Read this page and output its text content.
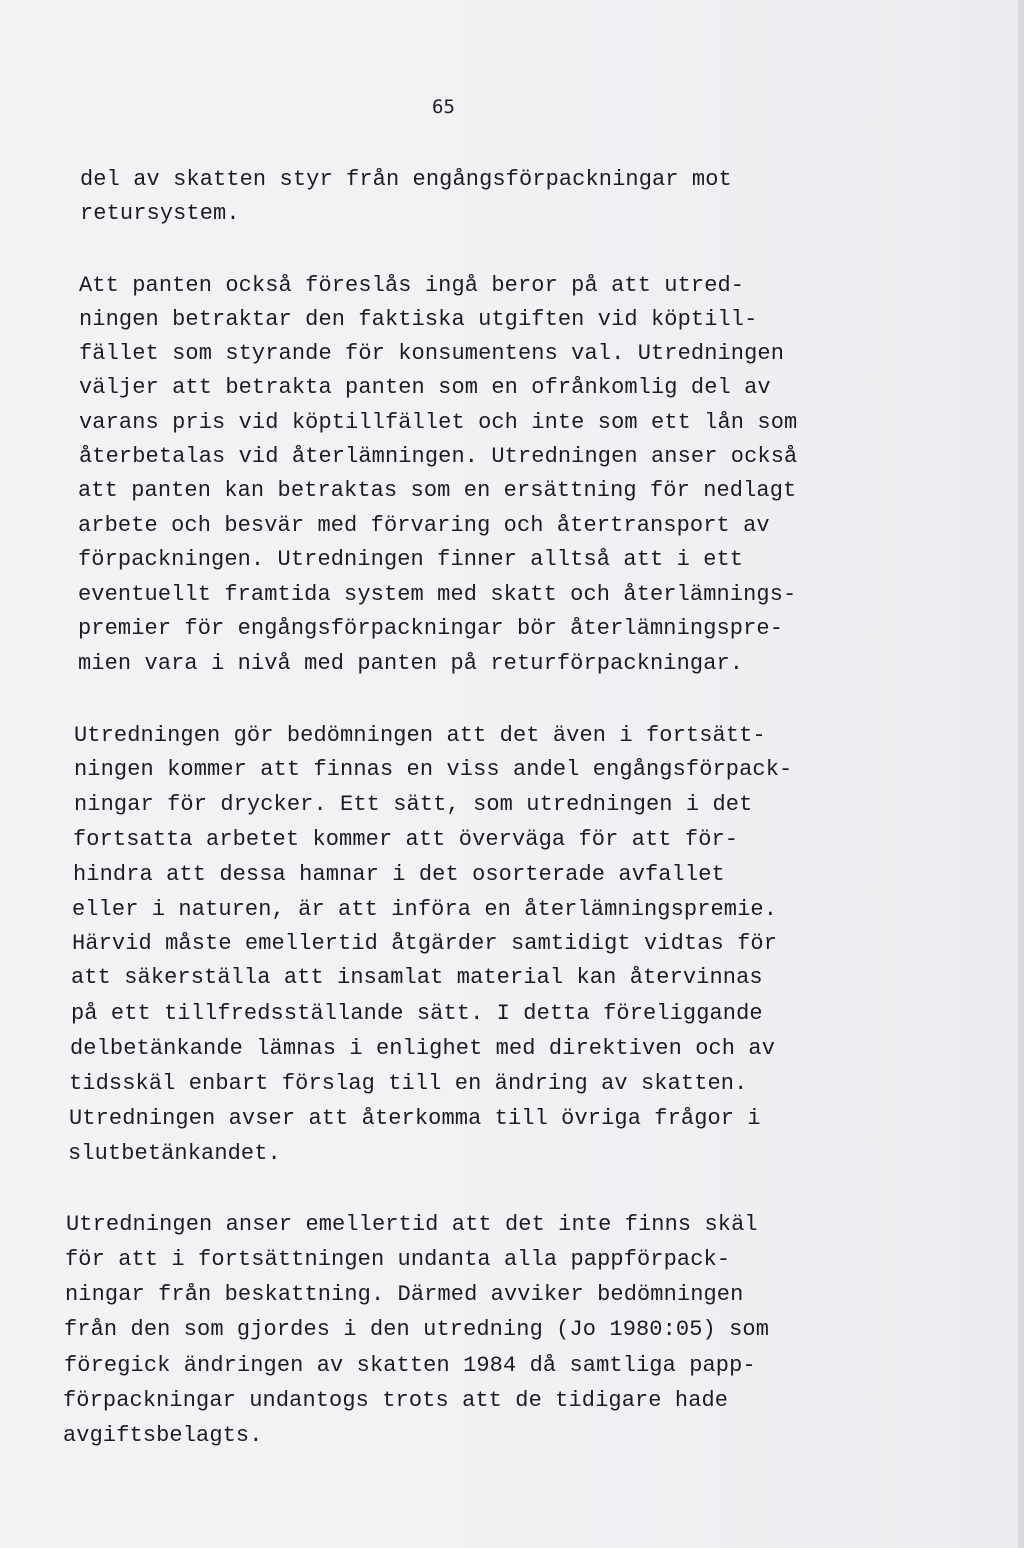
65
del av skatten styr från engångsförpackningar mot
retursystem.
Att panten också föreslås ingå beror på att utred-
ningen betraktar den faktiska utgiften vid köptill-
fället som styrande för konsumentens val. Utredningen
väljer att betrakta panten som en ofrånkomlig del av
varans pris vid köptillfället och inte som ett lån som
återbetalas vid återlämningen. Utredningen anser också
att panten kan betraktas som en ersättning för nedlagt
arbete och besvär med förvaring och återtransport av
förpackningen. Utredningen finner alltså att i ett
eventuellt framtida system med skatt och återlämnings-
premier för engångsförpackningar bör återlämningspre-
mien vara i nivå med panten på returförpackningar.
Utredningen gör bedömningen att det även i fortsätt-
ningen kommer att finnas en viss andel engångsförpack-
ningar för drycker. Ett sätt, som utredningen i det
fortsatta arbetet kommer att överväga för att för-
hindra att dessa hamnar i det osorterade avfallet
eller i naturen, är att införa en återlämningspremie.
Härvid måste emellertid åtgärder samtidigt vidtas för
att säkerställa att insamlat material kan återvinnas
på ett tillfredsställande sätt. I detta föreliggande
delbetänkande lämnas i enlighet med direktiven och av
tidsskäl enbart förslag till en ändring av skatten.
Utredningen avser att återkomma till övriga frågor i
slutbetänkandet.
Utredningen anser emellertid att det inte finns skäl
för att i fortsättningen undanta alla pappförpack-
ningar från beskattning. Därmed avviker bedömningen
från den som gjordes i den utredning (Jo 1980:05) som
föregick ändringen av skatten 1984 då samtliga papp-
förpackningar undantogs trots att de tidigare hade
avgiftsbelagts.
